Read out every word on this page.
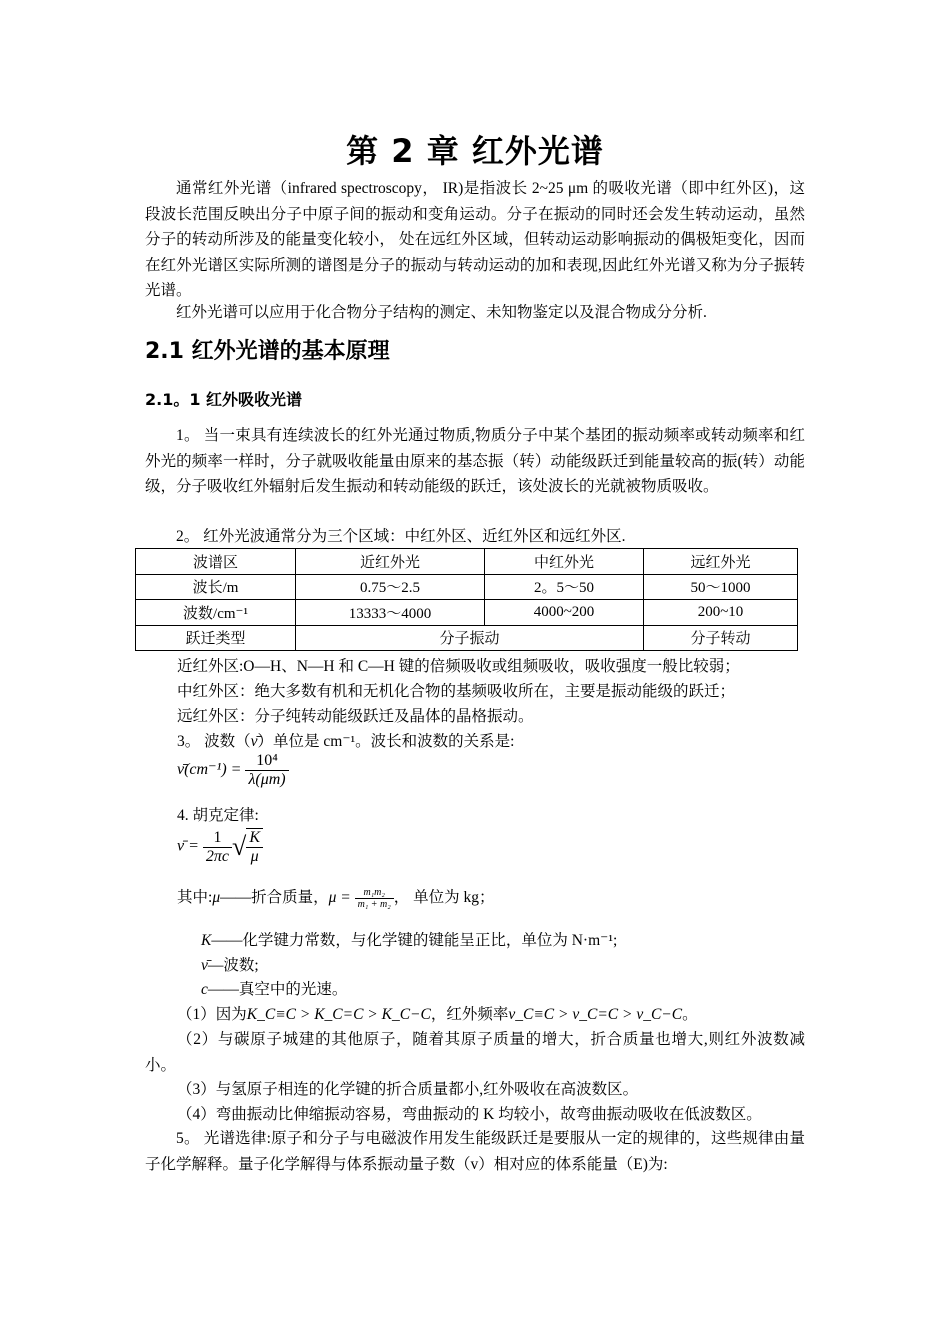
第 2 章 红外光谱
通常红外光谱（infrared spectroscopy， IR)是指波长 2~25 μm 的吸收光谱（即中红外区)，这段波长范围反映出分子中原子间的振动和变角运动。分子在振动的同时还会发生转动运动，虽然分子的转动所涉及的能量变化较小， 处在远红外区域，但转动运动影响振动的偶极矩变化，因而在红外光谱区实际所测的谱图是分子的振动与转动运动的加和表现,因此红外光谱又称为分子振转光谱。
红外光谱可以应用于化合物分子结构的测定、未知物鉴定以及混合物成分分析.
2.1 红外光谱的基本原理
2.1。1 红外吸收光谱
1。 当一束具有连续波长的红外光通过物质,物质分子中某个基团的振动频率或转动频率和红外光的频率一样时，分子就吸收能量由原来的基态振（转）动能级跃迁到能量较高的振(转）动能级，分子吸收红外辐射后发生振动和转动能级的跃迁，该处波长的光就被物质吸收。
2。 红外光波通常分为三个区域：中红外区、近红外区和远红外区.
波谱区	近红外光	中红外光	远红外光
波长/m	0.75～2.5	2。5～50	50～1000
波数/cm⁻¹	13333～4000	4000~200	200~10
跃迁类型	分子振动		分子转动
近红外区:O—H、N—H 和 C—H 键的倍频吸收或组频吸收，吸收强度一般比较弱；
中红外区：绝大多数有机和无机化合物的基频吸收所在，主要是振动能级的跃迁；
远红外区：分子纯转动能级跃迁及晶体的晶格振动。
3。 波数（ν̄）单位是 cm⁻¹。波长和波数的关系是:
ν̄(cm⁻¹) = $\frac{\text{10⁴}}{\lambda(\mu m)}$
4. 胡克定律:
ν̄ = $\frac{1}{2\pi c}$ √ $\frac{K}{\mu}$
其中:μ——折合质量，$\mu = \frac{\text{m₁m₂}}{\text{m₁ + m₂}}$ ， 单位为 kg；
K——化学键力常数，与化学键的键能呈正比，单位为 N·m⁻¹;
ν̄—波数;
c——真空中的光速。
（1）因为K_C≡C > K_C=C > K_C−C，红外频率ν_C≡C > ν_C=C > ν_C−C。
（2）与碳原子城建的其他原子，随着其原子质量的增大，折合质量也增大,则红外波数减小。
（3）与氢原子相连的化学键的折合质量都小,红外吸收在高波数区。
（4）弯曲振动比伸缩振动容易，弯曲振动的 K 均较小，故弯曲振动吸收在低波数区。
5。 光谱选律:原子和分子与电磁波作用发生能级跃迁是要服从一定的规律的，这些规律由量子化学解释。量子化学解得与体系振动量子数（v）相对应的体系能量（E)为:
